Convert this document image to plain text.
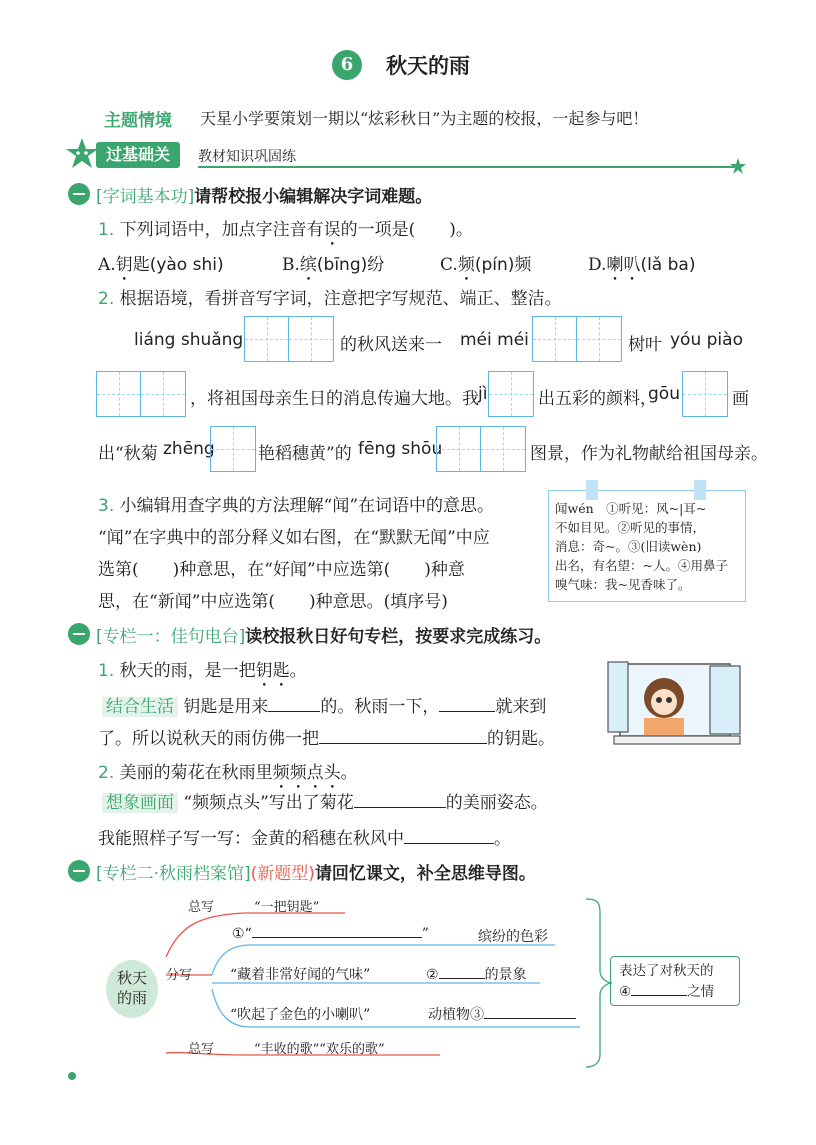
6	秋天的雨
主题情境 天星小学要策划一期以“炫彩秋日”为主题的校报，一起参与吧！
过基础关	教材知识巩固练
[字词基本功]请帮校报小编辑解决字词难题。
1. 下列词语中，加点字注音有误的一项是( )。
A.钥匙(yào shi)	B.缤(bīng)纷	C.频(pín)频	D.喇叭(lǎ ba)
2. 根据语境，看拼音写字词，注意把字写规范、端正、整洁。
liáng shuǎng	的秋风送来一 méi méi	树叶 yóu piào
，将祖国母亲生日的消息传遍大地。我 jì	出五彩的颜料，
gōu	画
出“秋菊 zhēng	艳稻穗黄”的 fēng shōu	图景，作为礼物献给祖国母亲。
3. 小编辑用查字典的方法理解“闻”在词语中的意思。
“闻”在字典中的部分释义如右图，在“默默无闻”中应
选第(　　)种意思，在“好闻”中应选第(　　)种意
思，在“新闻”中应选第(　　)种意思。(填序号)
闻wén　①听见：风~|耳~
不如目见。②听见的事情，
消息：奇~。③(旧读wèn)
出名，有名望：~人。④用鼻子
嗅气味：我~见香味了。
[专栏一：佳句电台]读校报秋日好句专栏，按要求完成练习。
1. 秋天的雨，是一把钥匙。
结合生活 钥匙是用来	的。秋雨一下，	就来到
了。所以说秋天的雨仿佛一把	的钥匙。
2. 美丽的菊花在秋雨里频频点头。
想象画面 “频频点头”写出了菊花	的美丽姿态。
我能照样子写一写：金黄的稻穗在秋风中	。
[专栏二·秋雨档案馆](新题型)请回忆课文，补全思维导图。
秋天
的雨
总写	“一把钥匙”
分写
①“	”	缤纷的色彩
“藏着非常好闻的气味”	②	的景象
“吹起了金色的小喇叭”	动植物③
总写	“丰收的歌”“欢乐的歌”
表达了对秋天的
④	之情
